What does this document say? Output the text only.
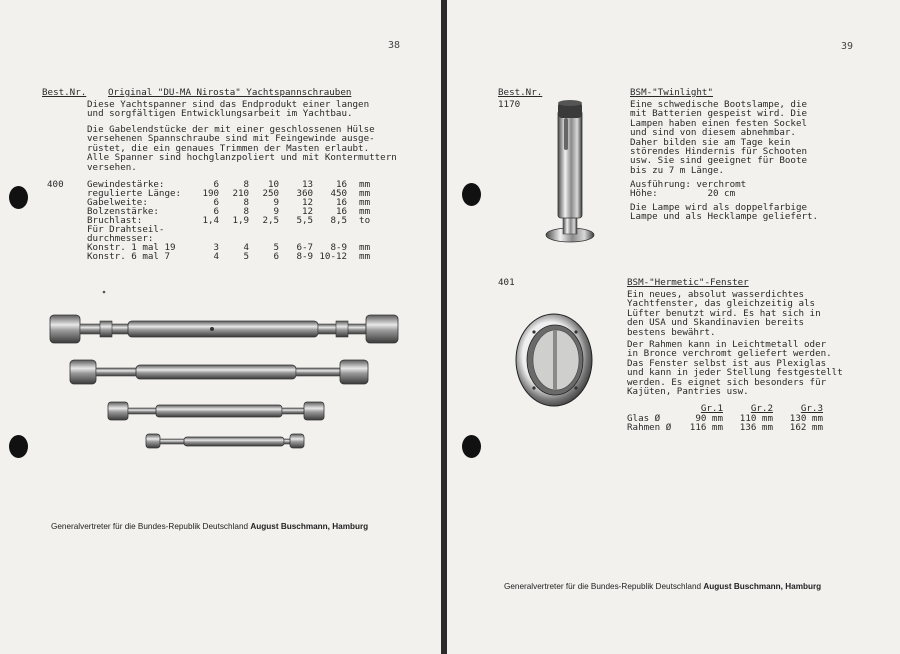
38
Best.Nr. Original "DU-MA Nirosta" Yachtspannschrauben
Diese Yachtspanner sind das Endprodukt einer langen
und sorgfältigen Entwicklungsarbeit im Yachtbau.
Die Gabelendstücke der mit einer geschlossenen Hülse
versehenen Spannschraube sind mit Feingewinde ausge-
rüstet, die ein genaues Trimmen der Masten erlaubt.
Alle Spanner sind hochglanzpoliert und mit Kontermuttern
versehen.
400	Gewindestärke:	6	8	10	13	16	mm
regulierte Länge:	190	210	250	360	450	mm
Gabelweite:	6	8	9	12	16	mm
Bolzenstärke:	6	8	9	12	16	mm
Bruchlast:	1,4	1,9	2,5	5,5	8,5	to
Für Drahtseil-						
durchmesser:						
Konstr. 1 mal 19	3	4	5	6-7	8-9	mm
Konstr. 6 mal 7	4	5	6	8-9	10-12	mm
Generalvertreter für die Bundes-Republik Deutschland August Buschmann, Hamburg
39
Best.Nr.
1170
BSM-"Twinlight"
Eine schwedische Bootslampe, die
mit Batterien gespeist wird. Die
Lampen haben einen festen Sockel
und sind von diesem abnehmbar.
Daher bilden sie am Tage kein
störendes Hindernis für Schooten
usw. Sie sind geeignet für Boote
bis zu 7 m Länge.
Ausführung: verchromt
Höhe:         20 cm
Die Lampe wird als doppelfarbige
Lampe und als Hecklampe geliefert.
401	BSM-"Hermetic"-Fenster
Ein neues, absolut wasserdichtes
Yachtfenster, das gleichzeitig als
Lüfter benutzt wird. Es hat sich in
den USA und Skandinavien bereits
bestens bewährt.
Der Rahmen kann in Leichtmetall oder
in Bronce verchromt geliefert werden.
Das Fenster selbst ist aus Plexiglas
und kann in jeder Stellung festgestellt
werden. Es eignet sich besonders für
Kajüten, Pantries usw.
	Gr.1	Gr.2	Gr.3
Glas Ø	90 mm	110 mm	130 mm
Rahmen Ø	116 mm	136 mm	162 mm
Generalvertreter für die Bundes-Republik Deutschland August Buschmann, Hamburg
